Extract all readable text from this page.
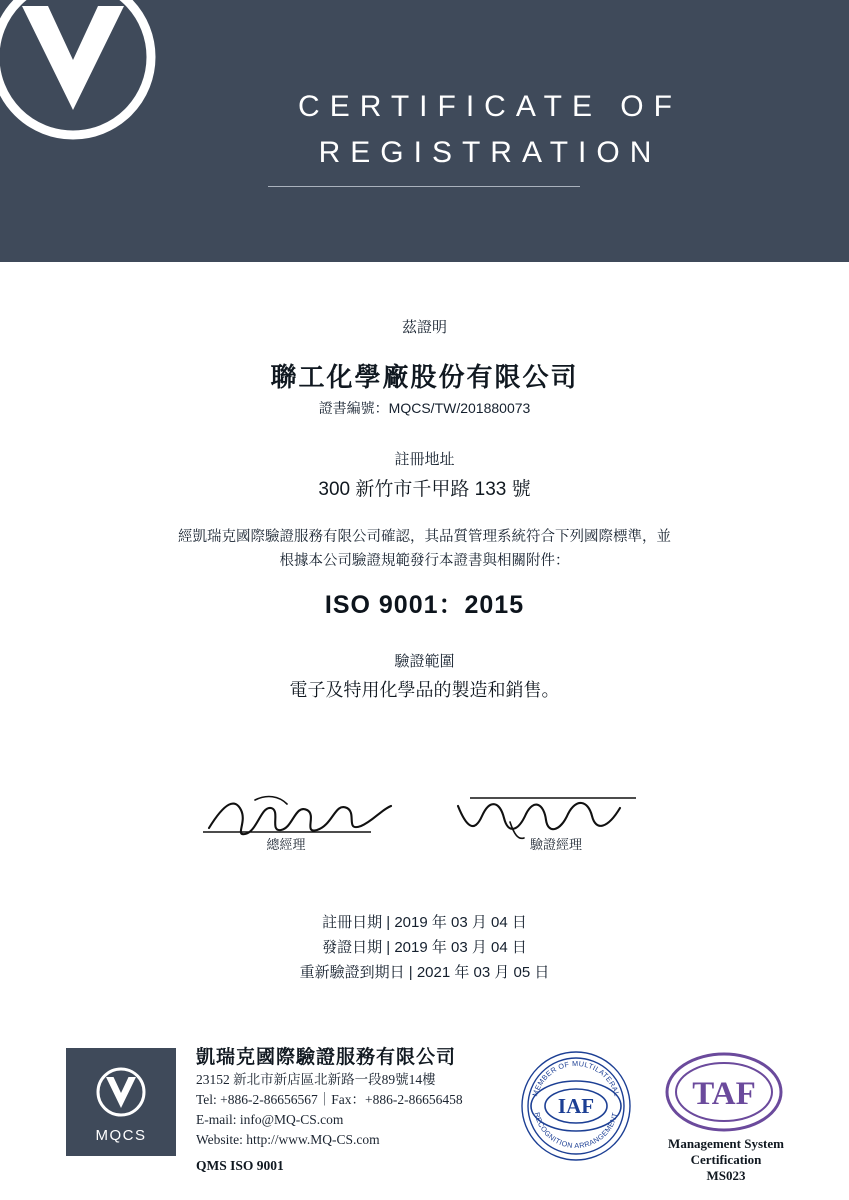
CERTIFICATE OF
REGISTRATION
茲證明
聯工化學廠股份有限公司
證書編號：MQCS/TW/201880073
註冊地址
300 新竹市千甲路 133 號
經凱瑞克國際驗證服務有限公司確認，其品質管理系統符合下列國際標準，並
根據本公司驗證規範發行本證書與相關附件：
ISO 9001：2015
驗證範圍
電子及特用化學品的製造和銷售。
總經理	驗證經理
註冊日期 | 2019 年 03 月 04 日
發證日期 | 2019 年 03 月 04 日
重新驗證到期日 | 2021 年 03 月 05 日
MQCS
凱瑞克國際驗證服務有限公司
23152 新北市新店區北新路一段89號14樓
Tel: +886-2-86656567｜Fax：+886-2-86656458
E-mail: info@MQ-CS.com
Website: http://www.MQ-CS.com
QMS ISO 9001
IAF
MEMBER OF MULTILATERAL
RECOGNITION ARRANGEMENT
TAF
Management System
Certification
MS023
